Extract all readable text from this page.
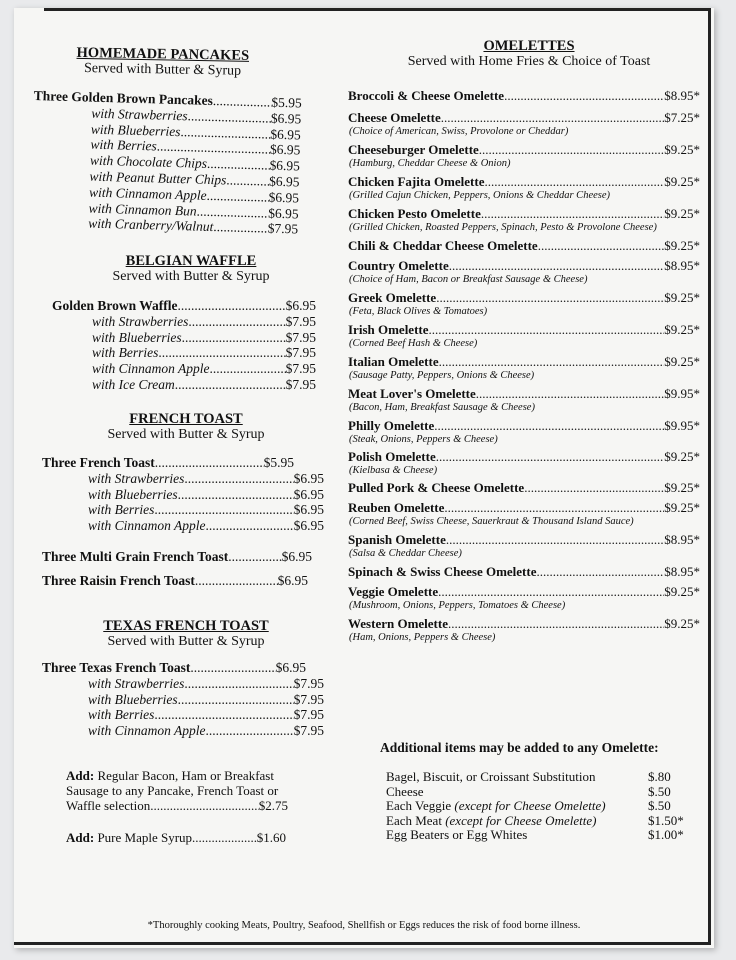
HOMEMADE PANCAKES
Served with Butter & Syrup
Three Golden Brown Pancakes .....	$5.95
with Strawberries .....	$6.95
with Blueberries .....	$6.95
with Berries .....	$6.95
with Chocolate Chips .....	$6.95
with Peanut Butter Chips .....	$6.95
with Cinnamon Apple .....	$6.95
with Cinnamon Bun .....	$6.95
with Cranberry/Walnut .....	$7.95
BELGIAN WAFFLE
Served with Butter & Syrup
Golden Brown Waffle .....	$6.95
with Strawberries .....	$7.95
with Blueberries .....	$7.95
with Berries .....	$7.95
with Cinnamon Apple .....	$7.95
with Ice Cream .....	$7.95
FRENCH TOAST
Served with Butter & Syrup
Three French Toast .....	$5.95
with Strawberries .....	$6.95
with Blueberries .....	$6.95
with Berries .....	$6.95
with Cinnamon Apple .....	$6.95
Three Multi Grain French Toast .....	$6.95
Three Raisin French Toast .....	$6.95
TEXAS FRENCH TOAST
Served with Butter & Syrup
Three Texas French Toast .....	$6.95
with Strawberries .....	$7.95
with Blueberries .....	$7.95
with Berries .....	$7.95
with Cinnamon Apple .....	$7.95
Add: Regular Bacon, Ham or Breakfast
Sausage to any Pancake, French Toast or
Waffle selection .....	$2.75
Add: Pure Maple Syrup .....	$1.60
OMELETTES
Served with Home Fries & Choice of Toast
Broccoli & Cheese Omelette .....	$8.95*
Cheese Omelette .....	$7.25*
(Choice of American, Swiss, Provolone or Cheddar)
Cheeseburger Omelette .....	$9.25*
(Hamburg, Cheddar Cheese & Onion)
Chicken Fajita Omelette .....	$9.25*
(Grilled Cajun Chicken, Peppers, Onions & Cheddar Cheese)
Chicken Pesto Omelette .....	$9.25*
(Grilled Chicken, Roasted Peppers, Spinach, Pesto & Provolone Cheese)
Chili & Cheddar Cheese Omelette .....	$9.25*
Country Omelette .....	$8.95*
(Choice of Ham, Bacon or Breakfast Sausage & Cheese)
Greek Omelette .....	$9.25*
(Feta, Black Olives & Tomatoes)
Irish Omelette .....	$9.25*
(Corned Beef Hash & Cheese)
Italian Omelette .....	$9.25*
(Sausage Patty, Peppers, Onions & Cheese)
Meat Lover's Omelette .....	$9.95*
(Bacon, Ham, Breakfast Sausage & Cheese)
Philly Omelette .....	$9.95*
(Steak, Onions, Peppers & Cheese)
Polish Omelette .....	$9.25*
(Kielbasa & Cheese)
Pulled Pork & Cheese Omelette .....	$9.25*
Reuben Omelette .....	$9.25*
(Corned Beef, Swiss Cheese, Sauerkraut & Thousand Island Sauce)
Spanish Omelette .....	$8.95*
(Salsa & Cheddar Cheese)
Spinach & Swiss Cheese Omelette .....	$8.95*
Veggie Omelette .....	$9.25*
(Mushroom, Onions, Peppers, Tomatoes & Cheese)
Western Omelette .....	$9.25*
(Ham, Onions, Peppers & Cheese)
Additional items may be added to any Omelette:
Bagel, Biscuit, or Croissant Substitution	$.80
Cheese	$.50
Each Veggie (except for Cheese Omelette)	$.50
Each Meat (except for Cheese Omelette)	$1.50*
Egg Beaters or Egg Whites	$1.00*
*Thoroughly cooking Meats, Poultry, Seafood, Shellfish or Eggs reduces the risk of food borne illness.
